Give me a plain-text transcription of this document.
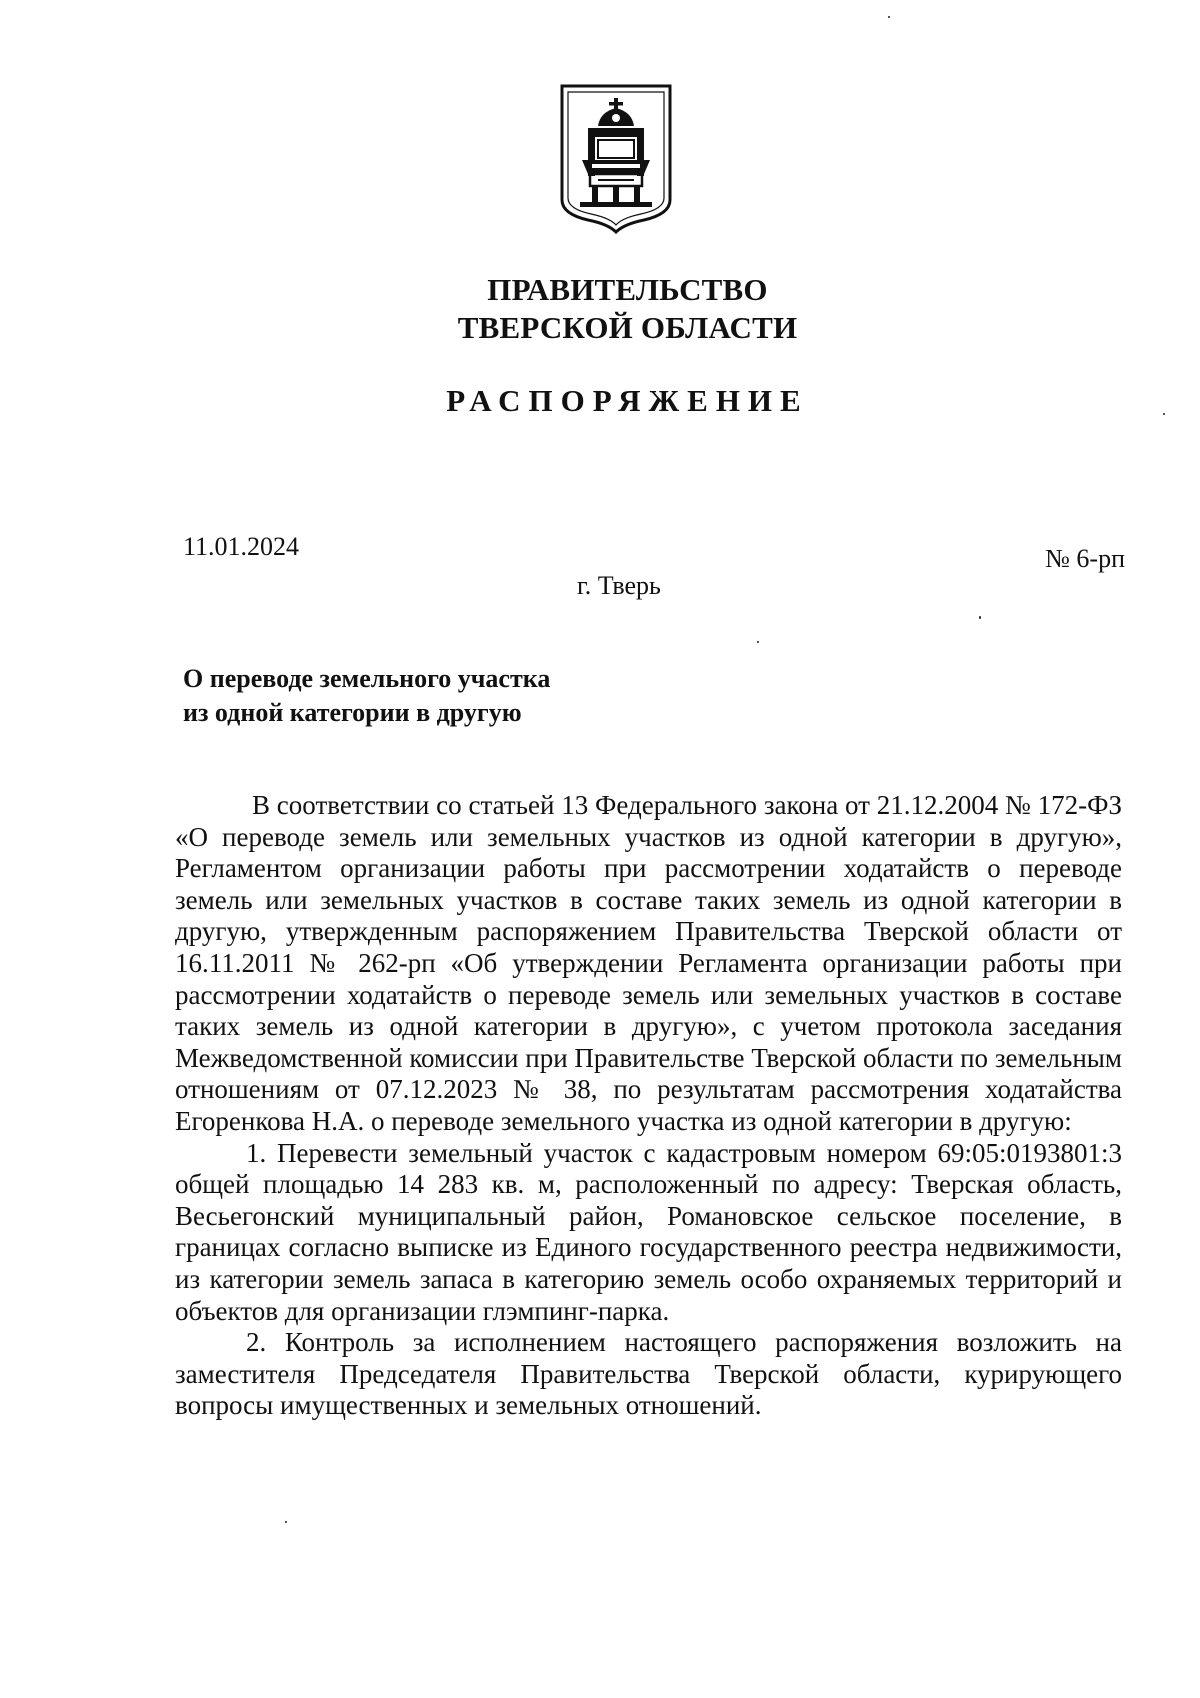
ПРАВИТЕЛЬСТВО
ТВЕРСКОЙ ОБЛАСТИ
РАСПОРЯЖЕНИЕ
11.01.2024
г. Тверь
№ 6-рп
О переводе земельного участка
из одной категории в другую

В соответствии со статьей 13 Федерального закона от 21.12.2004 № 172-ФЗ «О переводе земель или земельных участков из одной категории в другую», Регламентом организации работы при рассмотрении ходатайств о переводе земель или земельных участков в составе таких земель из одной категории в другую, утвержденным распоряжением Правительства Тверской области от 16.11.2011 № 262-рп «Об утверждении Регламента организации работы при рассмотрении ходатайств о переводе земель или земельных участков в составе таких земель из одной категории в другую», с учетом протокола заседания Межведомственной комиссии при Правительстве Тверской области по земельным отношениям от 07.12.2023 № 38, по результатам рассмотрения ходатайства Егоренкова Н.А. о переводе земельного участка из одной категории в другую:

1. Перевести земельный участок с кадастровым номером 69:05:0193801:3 общей площадью 14 283 кв. м, расположенный по адресу: Тверская область, Весьегонский муниципальный район, Романовское сельское поселение, в границах согласно выписке из Единого государственного реестра недвижимости, из категории земель запаса в категорию земель особо охраняемых территорий и объектов для организации глэмпинг-парка.

2. Контроль за исполнением настоящего распоряжения возложить на заместителя Председателя Правительства Тверской области, курирующего вопросы имущественных и земельных отношений.
